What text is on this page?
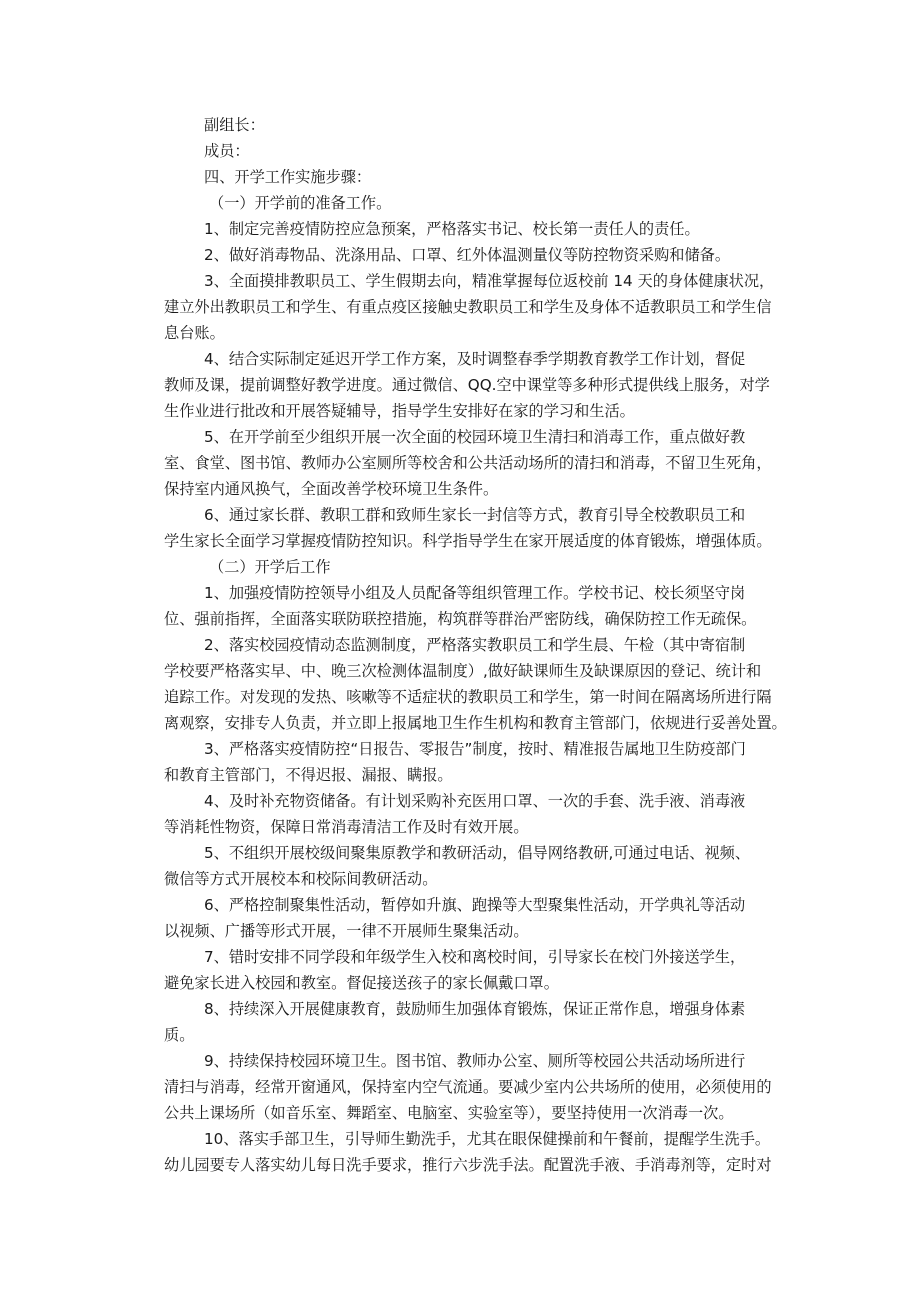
副组长：

成员：

四、开学工作实施步骤：

（一）开学前的准备工作。

1、制定完善疫情防控应急预案，严格落实书记、校长第一责任人的责任。

2、做好消毒物品、洗涤用品、口罩、红外体温测量仪等防控物资采购和储备。

3、全面摸排教职员工、学生假期去向，精准掌握每位返校前 14 天的身体健康状况，
建立外出教职员工和学生、有重点疫区接触史教职员工和学生及身体不适教职员工和学生信
息台账。

4、结合实际制定延迟开学工作方案，及时调整春季学期教育教学工作计划，督促
教师及课，提前调整好教学进度。通过微信、QQ.空中课堂等多种形式提供线上服务，对学
生作业进行批改和开展答疑辅导，指导学生安排好在家的学习和生活。

5、在开学前至少组织开展一次全面的校园环境卫生清扫和消毒工作，重点做好教
室、食堂、图书馆、教师办公室厕所等校舍和公共活动场所的清扫和消毒，不留卫生死角，
保持室内通风换气，全面改善学校环境卫生条件。

6、通过家长群、教职工群和致师生家长一封信等方式，教育引导全校教职员工和
学生家长全面学习掌握疫情防控知识。科学指导学生在家开展适度的体育锻炼，增强体质。

（二）开学后工作

1、加强疫情防控领导小组及人员配备等组织管理工作。学校书记、校长须坚守岗
位、强前指挥，全面落实联防联控措施，构筑群等群治严密防线，确保防控工作无疏保。

2、落实校园疫情动态监测制度，严格落实教职员工和学生晨、午检（其中寄宿制
学校要严格落实早、中、晚三次检测体温制度）,做好缺课师生及缺课原因的登记、统计和
追踪工作。对发现的发热、咳嗽等不适症状的教职员工和学生，第一时间在隔离场所进行隔
离观察，安排专人负责，并立即上报属地卫生作生机构和教育主管部门，依规进行妥善处置。

3、严格落实疫情防控“日报告、零报告”制度，按时、精准报告属地卫生防疫部门
和教育主管部门，不得迟报、漏报、瞒报。

4、及时补充物资储备。有计划采购补充医用口罩、一次的手套、洗手液、消毒液
等消耗性物资，保障日常消毒清洁工作及时有效开展。

5、不组织开展校级间聚集原教学和教研活动，倡导网络教研,可通过电话、视频、
微信等方式开展校本和校际间教研活动。

6、严格控制聚集性活动，暂停如升旗、跑操等大型聚集性活动，开学典礼等活动
以视频、广播等形式开展，一律不开展师生聚集活动。

7、错时安排不同学段和年级学生入校和离校时间，引导家长在校门外接送学生，
避免家长进入校园和教室。督促接送孩子的家长佩戴口罩。

8、持续深入开展健康教育，鼓励师生加强体育锻炼，保证正常作息，增强身体素
质。

9、持续保持校园环境卫生。图书馆、教师办公室、厕所等校园公共活动场所进行
清扫与消毒，经常开窗通风，保持室内空气流通。要减少室内公共场所的使用，必须使用的
公共上课场所（如音乐室、舞蹈室、电脑室、实验室等），要坚持使用一次消毒一次。

10、落实手部卫生，引导师生勤洗手，尤其在眼保健操前和午餐前，提醒学生洗手。
幼儿园要专人落实幼儿每日洗手要求，推行六步洗手法。配置洗手液、手消毒剂等，定时对
